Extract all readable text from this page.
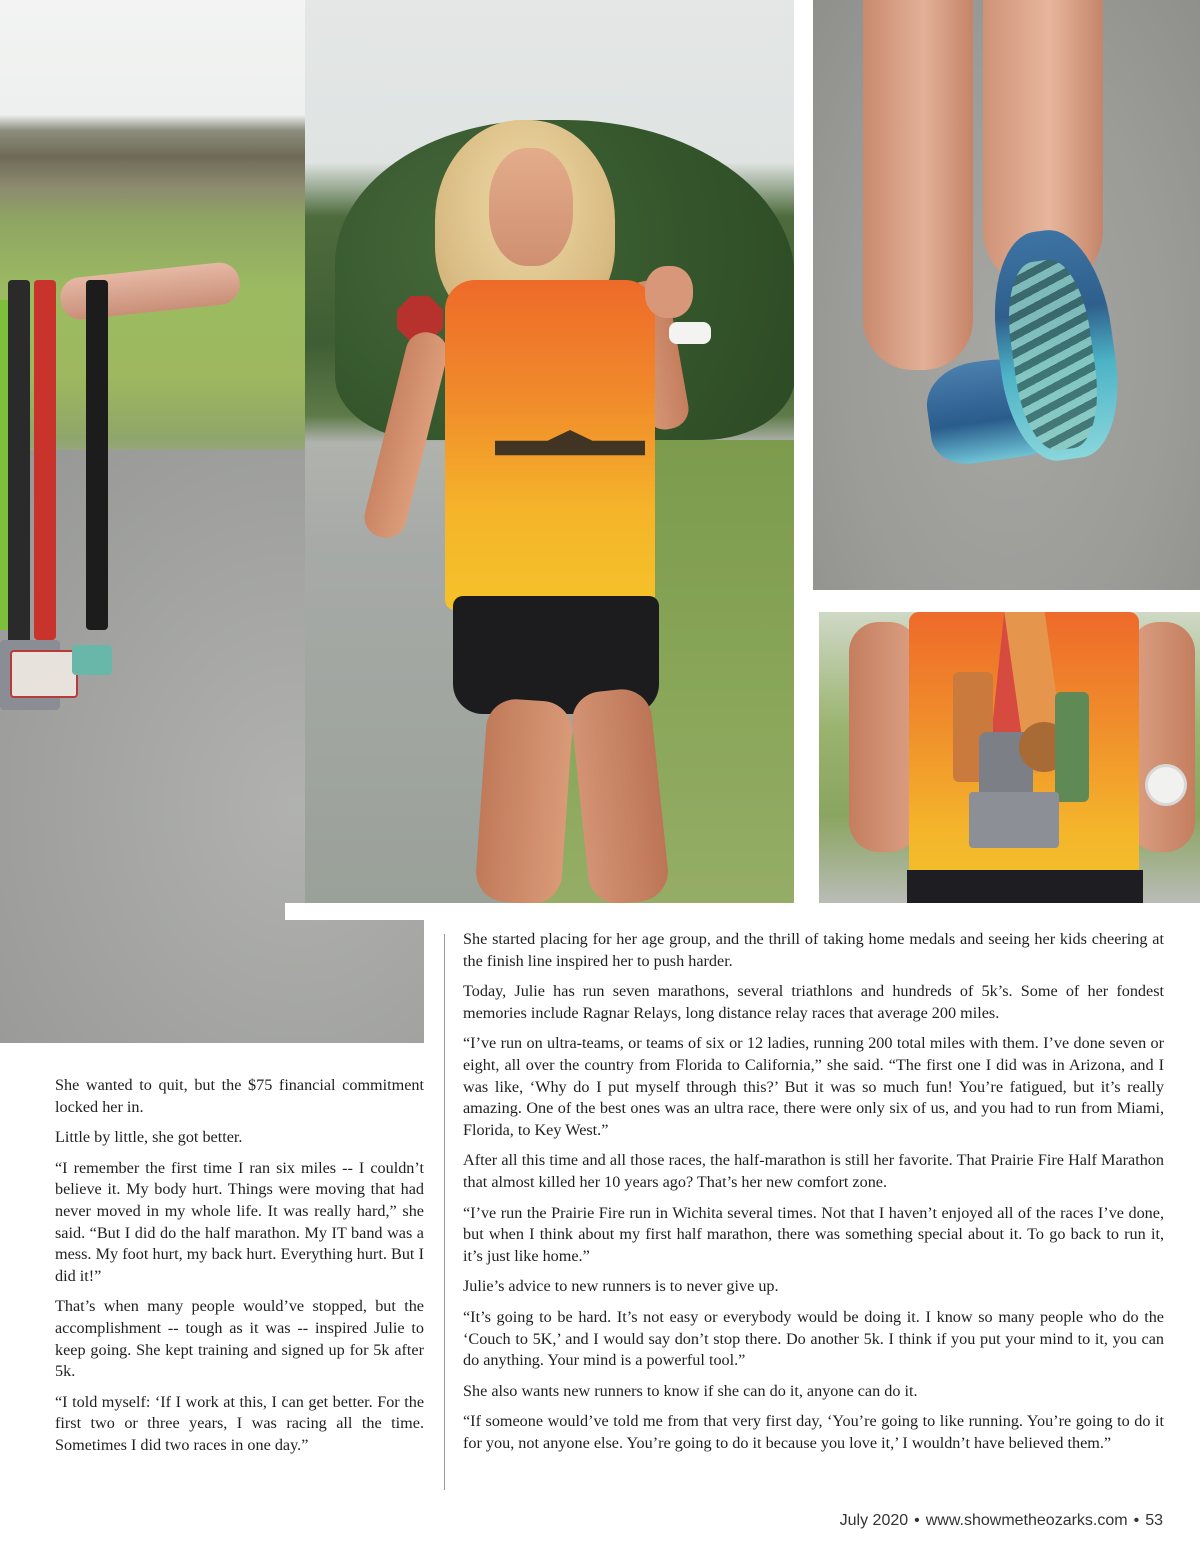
She wanted to quit, but the $75 financial commitment locked her in.

Little by little, she got better.

“I remember the first time I ran six miles -- I couldn’t believe it. My body hurt. Things were moving that had never moved in my whole life. It was really hard,” she said. “But I did do the half marathon. My IT band was a mess. My foot hurt, my back hurt. Everything hurt. But I did it!”

That’s when many people would’ve stopped, but the accomplishment -- tough as it was -- inspired Julie to keep going. She kept training and signed up for 5k after 5k.

“I told myself: ‘If I work at this, I can get better. For the first two or three years, I was racing all the time. Sometimes I did two races in one day.”

She started placing for her age group, and the thrill of taking home medals and seeing her kids cheering at the finish line inspired her to push harder.

Today, Julie has run seven marathons, several triathlons and hundreds of 5k’s. Some of her fondest memories include Ragnar Relays, long distance relay races that average 200 miles.

“I’ve run on ultra-teams, or teams of six or 12 ladies, running 200 total miles with them. I’ve done seven or eight, all over the country from Florida to California,” she said. “The first one I did was in Arizona, and I was like, ‘Why do I put myself through this?’ But it was so much fun! You’re fatigued, but it’s really amazing. One of the best ones was an ultra race, there were only six of us, and you had to run from Miami, Florida, to Key West.”

After all this time and all those races, the half-marathon is still her favorite. That Prairie Fire Half Marathon that almost killed her 10 years ago? That’s her new comfort zone.

“I’ve run the Prairie Fire run in Wichita several times. Not that I haven’t enjoyed all of the races I’ve done, but when I think about my first half marathon, there was something special about it. To go back to run it, it’s just like home.”

Julie’s advice to new runners is to never give up.

“It’s going to be hard. It’s not easy or everybody would be doing it. I know so many people who do the ‘Couch to 5K,’ and I would say don’t stop there. Do another 5k. I think if you put your mind to it, you can do anything. Your mind is a powerful tool.”

She also wants new runners to know if she can do it, anyone can do it.

“If someone would’ve told me from that very first day, ‘You’re going to like running. You’re going to do it for you, not anyone else. You’re going to do it because you love it,’ I wouldn’t have believed them.”

July 2020 • www.showmetheozarks.com • 53
